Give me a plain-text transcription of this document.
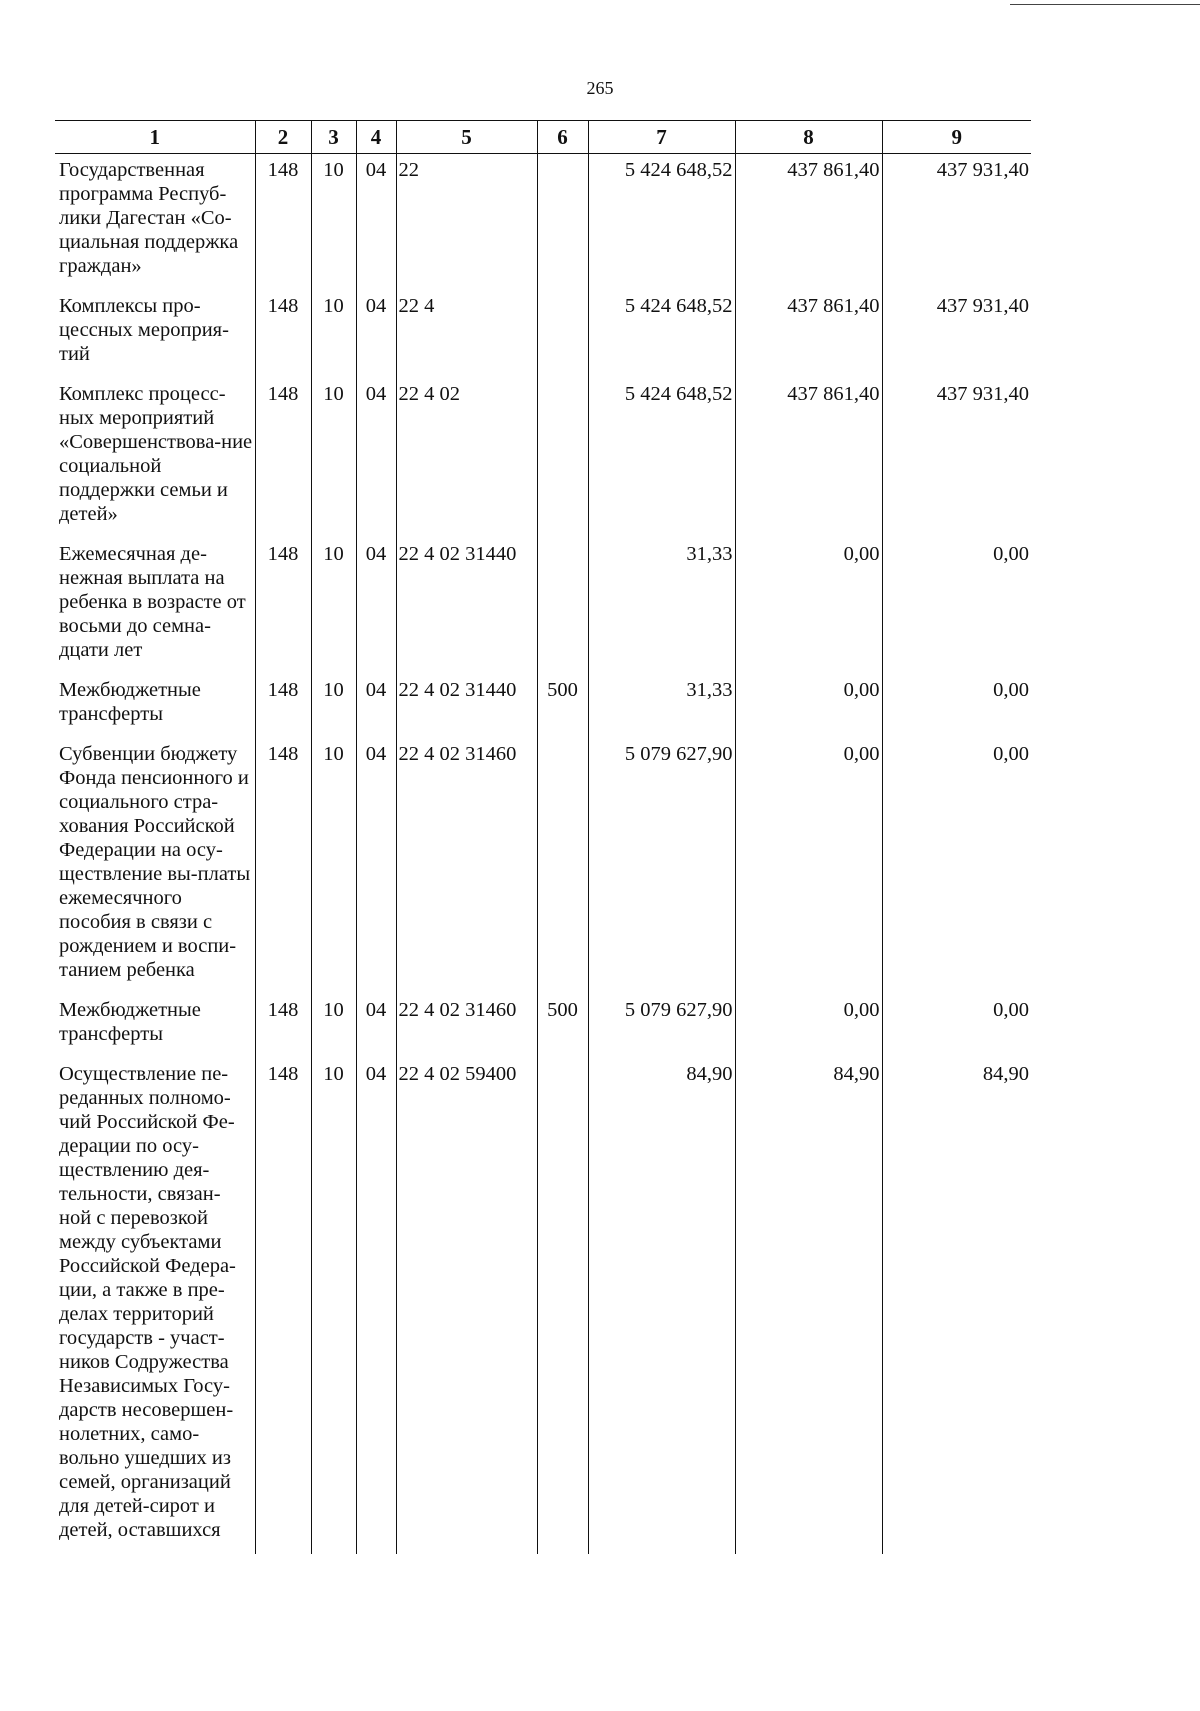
265
1	2	3	4	5	6	7	8	9
Государственная программа Респуб-лики Дагестан «Со-циальная поддержка граждан»	148	10	04	22		5 424 648,52	437 861,40	437 931,40
Комплексы про-цессных мероприя-тий	148	10	04	22 4		5 424 648,52	437 861,40	437 931,40
Комплекс процесс-ных мероприятий «Совершенствова-ние социальной поддержки семьи и детей»	148	10	04	22 4 02		5 424 648,52	437 861,40	437 931,40
Ежемесячная де-нежная выплата на ребенка в возрасте от восьми до семна-дцати лет	148	10	04	22 4 02 31440		31,33	0,00	0,00
Межбюджетные трансферты	148	10	04	22 4 02 31440	500	31,33	0,00	0,00
Субвенции бюджету Фонда пенсионного и социального стра-хования Российской Федерации на осу-ществление вы-платы ежемесячного пособия в связи с рождением и воспи-танием ребенка	148	10	04	22 4 02 31460		5 079 627,90	0,00	0,00
Межбюджетные трансферты	148	10	04	22 4 02 31460	500	5 079 627,90	0,00	0,00
Осуществление пе-реданных полномо-чий Российской Фе-дерации по осу-ществлению дея-тельности, связан-ной с перевозкой между субъектами Российской Федера-ции, а также в пре-делах территорий государств - участ-ников Содружества Независимых Госу-дарств несовершен-нолетних, само-вольно ушедших из семей, организаций для детей-сирот и детей, оставшихся	148	10	04	22 4 02 59400		84,90	84,90	84,90
